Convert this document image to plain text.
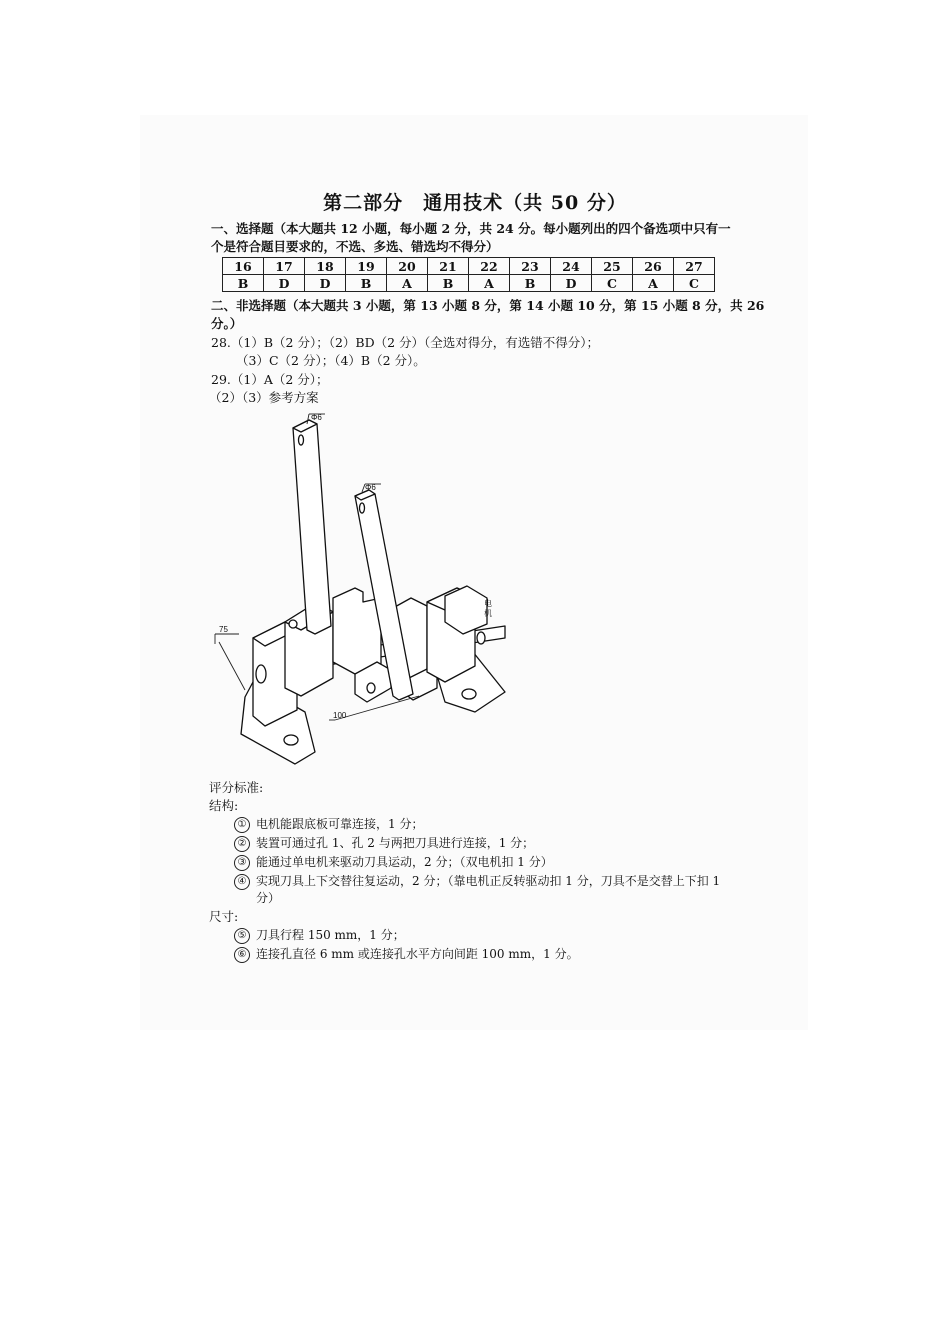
第二部分　通用技术（共 50 分）
一、选择题（本大题共 12 小题，每小题 2 分，共 24 分。每小题列出的四个备选项中只有一
个是符合题目要求的，不选、多选、错选均不得分）
16	17	18	19	20	21	22	23	24	25	26	27
B	D	D	B	A	B	A	B	D	C	A	C
二、非选择题（本大题共 3 小题，第 13 小题 8 分，第 14 小题 10 分，第 15 小题 8 分，共 26
分。）
28.（1）B（2 分）；（2）BD（2 分）（全选对得分，有选错不得分）；
（3）C（2 分）；（4）B（2 分）。
29.（1）A（2 分）；
（2）（3）参考方案
Φ6
Φ6
75
100
电
机
评分标准:
结构:
① 电机能跟底板可靠连接，1 分；
② 装置可通过孔 1、孔 2 与两把刀具进行连接，1 分；
③ 能通过单电机来驱动刀具运动，2 分；（双电机扣 1 分）
④ 实现刀具上下交替往复运动，2 分；（靠电机正反转驱动扣 1 分，刀具不是交替上下扣 1
分）
尺寸:
⑤ 刀具行程 150 mm，1 分；
⑥ 连接孔直径 6 mm 或连接孔水平方向间距 100 mm，1 分。
